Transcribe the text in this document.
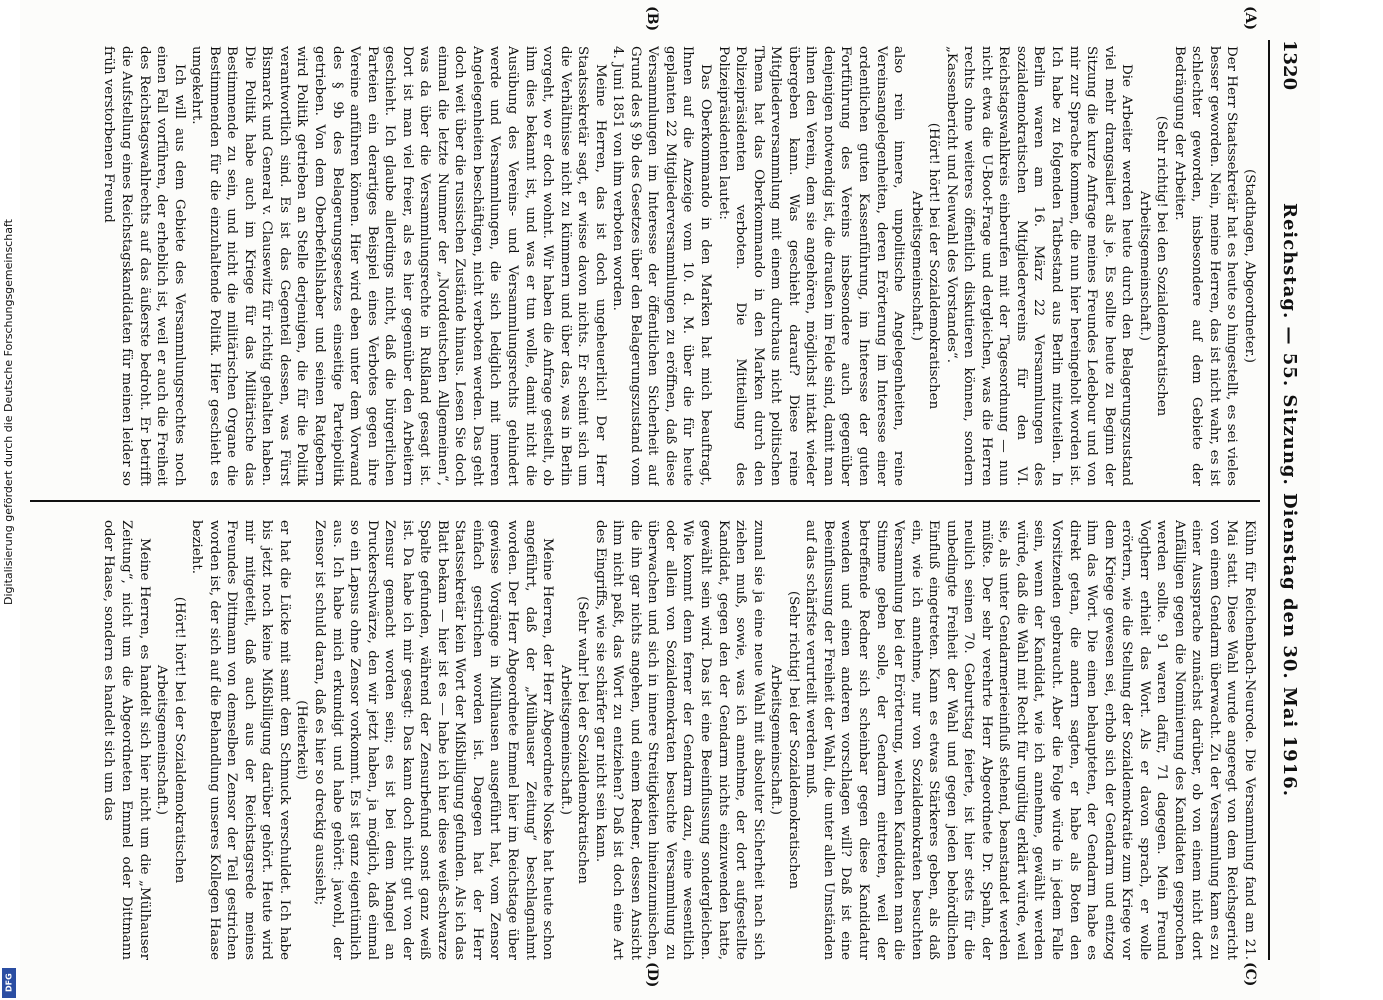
1320
Reichstag. — 55. Sitzung. Dienstag den 30. Mai 1916.
(A)
(B)
(C)
(D)

(Stadthagen, Abgeordneter.)

Der Herr Staatssekretär hat es heute so hingestellt, es sei vieles besser geworden. Nein, meine Herren, das ist nicht wahr, es ist schlechter geworden, insbesondere auf dem Gebiete der Bedrängung der Arbeiter.

(Sehr richtig! bei den Sozialdemokratischen Arbeitsgemeinschaft.)

Die Arbeiter werden heute durch den Belagerungszustand viel mehr drangsaliert als je. Es sollte heute zu Beginn der Sitzung die kurze Anfrage meines Freundes Ledebour und von mir zur Sprache kommen, die nun hier hereingeholt worden ist. Ich habe zu folgenden Tatbestand aus Berlin mitzuteilen. In Berlin waren am 16. März 22 Versammlungen des sozialdemokratischen Mitgliedervereins für den VI. Reichstagswahlkreis einberufen mit der Tagesordnung — nun nicht etwa die U-Boot-Frage und dergleichen, was die Herren rechts ohne weiteres öffentlich diskutieren können, sondern „Kassenbericht und Neuwahl des Vorstandes“.

(Hört! hört! bei der Sozialdemokratischen Arbeitsgemeinschaft.)

also rein innere, unpolitische Angelegenheiten, reine Vereinsangelegenheiten, deren Erörterung im Interesse einer ordentlichen guten Kassenführung, im Interesse der guten Fortführung des Vereins insbesondere auch gegenüber denjenigen notwendig ist, die draußen im Felde sind, damit man ihnen den Verein, dem sie angehören, möglichst intakt wieder übergeben kann. Was geschieht darauf? Diese reine Mitgliederversammlung mit einem durchaus nicht politischen Thema hat das Oberkommando in den Marken durch den Polizeipräsidenten verboten. Die Mitteilung des Polizeipräsidenten lautet:

Das Oberkommando in den Marken hat mich beauftragt, Ihnen auf die Anzeige vom 10. d. M. über die für heute geplanten 22 Mitgliederversammlungen zu eröffnen, daß diese Versammlungen im Interesse der öffentlichen Sicherheit auf Grund des § 9b des Gesetzes über den Belagerungszustand vom 4. Juni 1851 von ihm verboten worden.

Meine Herren, das ist doch ungeheuerlich! Der Herr Staatssekretär sagt, er wisse davon nichts. Er scheint sich um die Verhältnisse nicht zu kümmern und über das, was in Berlin vorgeht, wo er doch wohnt. Wir haben die Anfrage gestellt, ob ihm dies bekannt ist, und was er tun wolle, damit nicht die Ausübung des Vereins- und Versammlungsrechts gehindert werde und Versammlungen, die sich lediglich mit inneren Angelegenheiten beschäftigen, nicht verboten werden. Das geht doch weit über die russischen Zustände hinaus. Lesen Sie doch einmal die letzte Nummer der „Norddeutschen Allgemeinen“, was da über die Versammlungsrechte in Rußland gesagt ist. Dort ist man viel freier, als es hier gegenüber den Arbeitern geschieht. Ich glaube allerdings nicht, daß die bürgerlichen Parteien ein derartiges Beispiel eines Verbotes gegen ihre Vereine anführen können. Hier wird eben unter dem Vorwand des § 9b des Belagerungsgesetzes einseitige Parteipolitik getrieben. Von dem Oberbefehlshaber und seinen Ratgebern wird Politik getrieben an Stelle derjenigen, die für die Politik verantwortlich sind. Es ist das Gegenteil dessen, was Fürst Bismarck und General v. Clausewitz für richtig gehalten haben. Die Politik habe auch im Kriege für das Militärische das Bestimmende zu sein, und nicht die militärischen Organe die Bestimmenden für die einzuhaltende Politik. Hier geschieht es umgekehrt.

Ich will aus dem Gebiete des Versammlungsrechtes noch einen Fall vorführen, der erheblich ist, weil er auch die Freiheit des Reichstagswahlrechts auf das äußerste bedroht. Er betrifft die Aufstellung eines Reichstagskandidaten für meinen leider so früh verstorbenen Freund

Kühn für Reichenbach-Neurode. Die Versammlung fand am 21. Mai statt. Diese Wahl wurde angeregt von dem Reichsgericht von einem Gendarm überwacht. Zu der Versammlung kam es zu einer Aussprache zunächst darüber, ob von einem nicht dort Anfälligen gegen die Nominierung des Kandidaten gesprochen werden sollte. 91 waren dafür, 71 dagegen. Mein Freund Vogtherr erhielt das Wort. Als er davon sprach, er wolle erörtern, wie die Stellung der Sozialdemokratie zum Kriege vor dem Kriege gewesen sei, erhob sich der Gendarm und entzog ihm das Wort. Die einen behaupteten, der Gendarm habe es direkt getan, die andern sagten, er habe als Boten den Vorsitzenden gebraucht. Aber die Folge würde in jedem Falle sein, wenn der Kandidat, wie ich annehme, gewählt werden würde, daß die Wahl mit Recht für ungültig erklärt würde, weil sie, als unter Gendarmerieeinfluß stehend, beanstandet werden müßte. Der sehr verehrte Herr Abgeordnete Dr. Spahn, der neulich seinen 70. Geburtstag feierte, ist hier stets für die unbedingte Freiheit der Wahl und gegen jeden behördlichen Einfluß eingetreten. Kann es etwas Stärkeres geben, als daß ein, wie ich annehme, nur von Sozialdemokraten besuchten Versammlung bei der Erörterung, welchen Kandidaten man die Stimme geben solle, der Gendarm eintreten, weil der betreffende Redner sich scheinbar gegen diese Kandidatur wenden und einen anderen vorschlagen will? Daß ist eine Beeinflussung der Freiheit der Wahl, die unter allen Umständen auf das schärfste verurteilt werden muß.

(Sehr richtig! bei der Sozialdemokratischen Arbeitsgemeinschaft.)

zumal sie ja eine neue Wahl mit absoluter Sicherheit nach sich ziehen muß, sowie, was ich annehme, der dort aufgestellte Kandidat, gegen den der Gendarm nichts einzuwenden hatte, gewählt sein wird. Das ist eine Beeinflussung sondergleichen. Wie kommt denn ferner der Gendarm dazu, eine wesentlich oder allein von Sozialdemokraten besuchte Versammlung zu überwachen und sich in innere Streitigkeiten hineinzumischen, die ihn gar nichts angehen, und einem Redner, dessen Ansicht ihm nicht paßt, das Wort zu entziehen? Daß ist doch eine Art des Eingriffs, wie sie schärfer gar nicht sein kann.

(Sehr wahr! bei der Sozialdemokratischen Arbeitsgemeinschaft.)

Meine Herren, der Herr Abgeordnete Noske hat heute schon angeführt, daß der „Mülhauser Zeitung“ beschlagnahmt worden. Der Herr Abgeordnete Emmel hier im Reichstage über gewisse Vorgänge in Mülhausen ausgeführt hat, vom Zensor einfach gestrichen worden ist. Dagegen hat der Herr Staatssekretär kein Wort der Mißbilligung gefunden. Als ich das Blatt bekam — hier ist es — habe ich hier diese weiß-schwarze Spalte gefunden, während der Zensurbefund sonst ganz weiß ist. Da habe ich mir gesagt: Das kann doch nicht gut von der Zensur gemacht worden sein; es ist bei dem Mangel an Druckerschwärze, den wir jetzt haben, ja möglich, daß einmal so ein Lapsus ohne Zensor vorkommt. Es ist ganz eigentümlich aus. Ich habe mich erkundigt und habe gehört: jawohl, der Zensor ist schuld daran, daß es hier so dreckig aussieht;

(Heiterkeit)

er hat die Lücke mit samt dem Schmuck verschuldet. Ich habe bis jetzt noch keine Mißbilligung darüber gehört. Heute wird mir mitgeteilt, daß auch aus der Reichstagsrede meines Freundes Dittmann von demselben Zensor der Teil gestrichen worden ist, der sich auf die Behandlung unseres Kollegen Haase bezieht.

(Hört! hört! bei der Sozialdemokratischen Arbeitsgemeinschaft.)

Meine Herren, es handelt sich hier nicht um die „Mülhauser Zeitung“, nicht um die Abgeordneten Emmel oder Dittmann oder Haase, sondern es handelt sich um das

Digitalisierung gefördert durch die Deutsche Forschungsgemeinschaft
DFG
